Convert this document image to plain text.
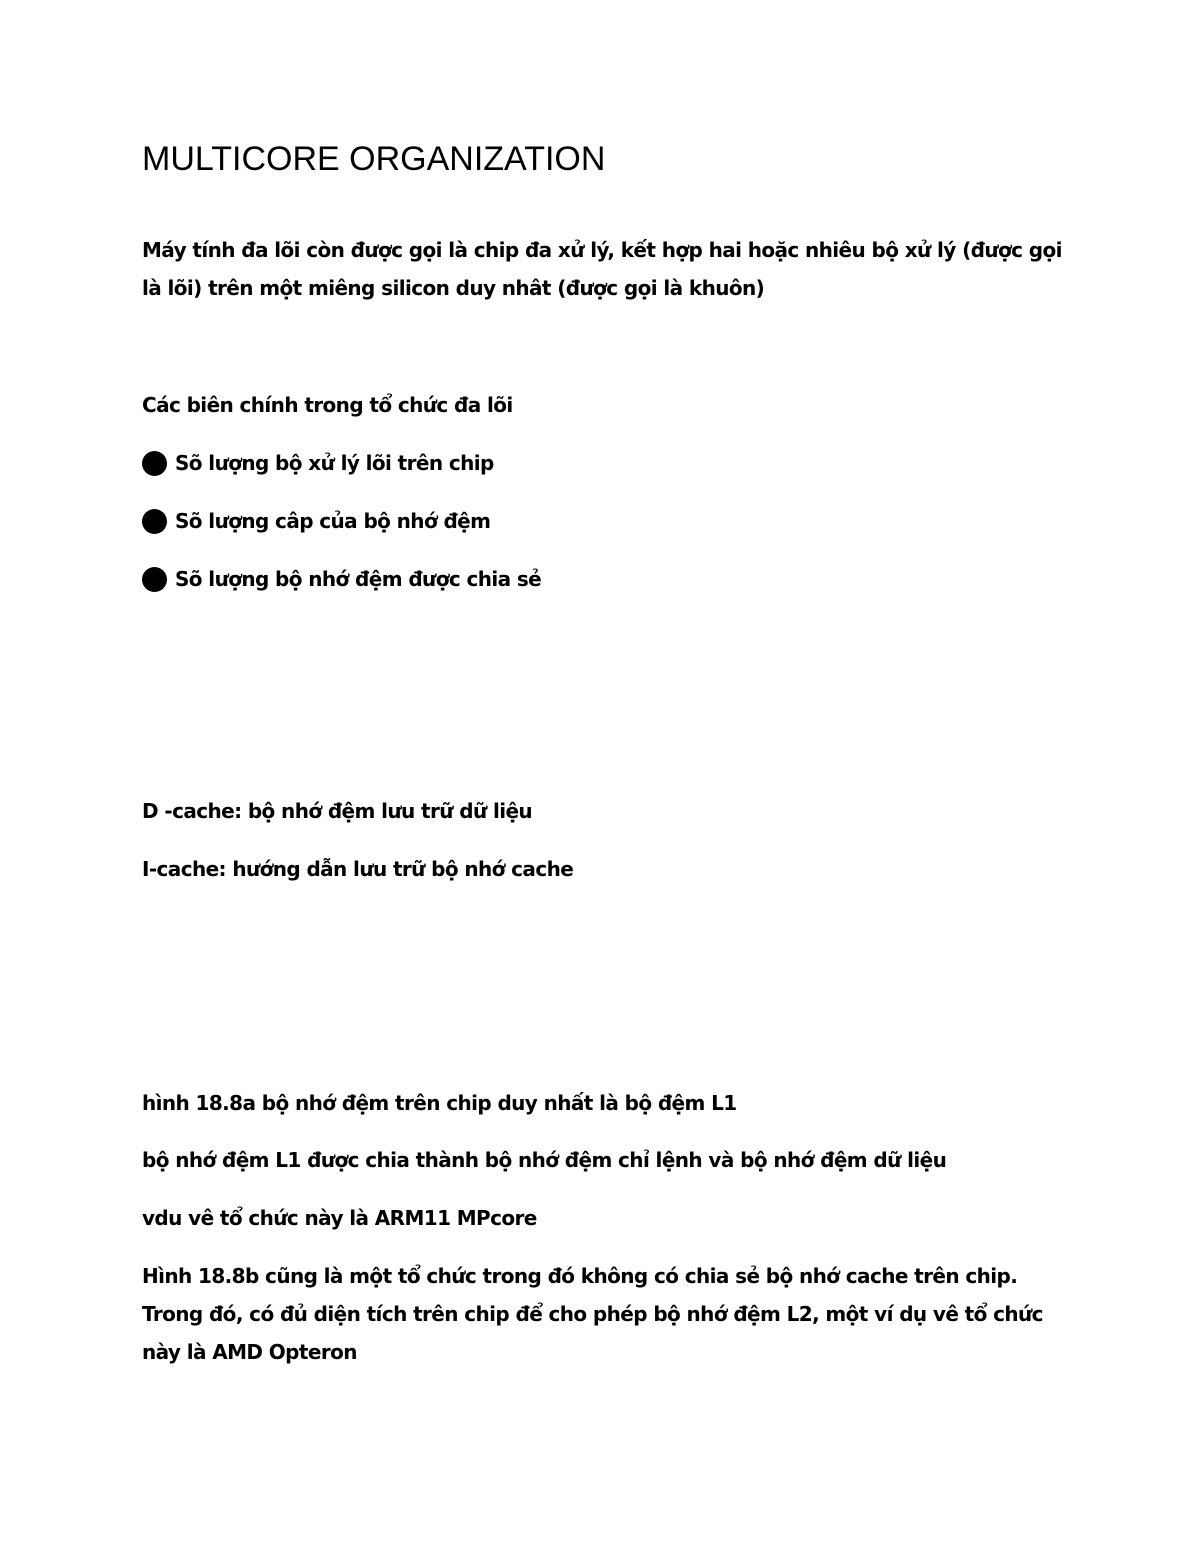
MULTICORE ORGANIZATION
Máy tính đa lõi còn được gọi là chip đa xử lý, kết hợp hai hoặc nhiêu bộ xử lý (được gọi là lõi) trên một miêng silicon duy nhât (được gọi là khuôn)
Các biên chính trong tổ chức đa lõi
Sõ lượng bộ xử lý lõi trên chip
Sõ lượng câp của bộ nhớ đệm
Sõ lượng bộ nhớ đệm được chia sẻ
D -cache: bộ nhớ đệm lưu trữ dữ liệu
I-cache: hướng dẫn lưu trữ bộ nhớ cache
hình 18.8a bộ nhớ đệm trên chip duy nhất là bộ đệm L1
bộ nhớ đệm L1 được chia thành bộ nhớ đệm chỉ lệnh và bộ nhớ đệm dữ liệu
vdu vê tổ chức này là ARM11 MPcore
Hình 18.8b cũng là một tổ chức trong đó không có chia sẻ bộ nhớ cache trên chip. Trong đó, có đủ diện tích trên chip để cho phép bộ nhớ đệm L2, một ví dụ vê tổ chức này là AMD Opteron
